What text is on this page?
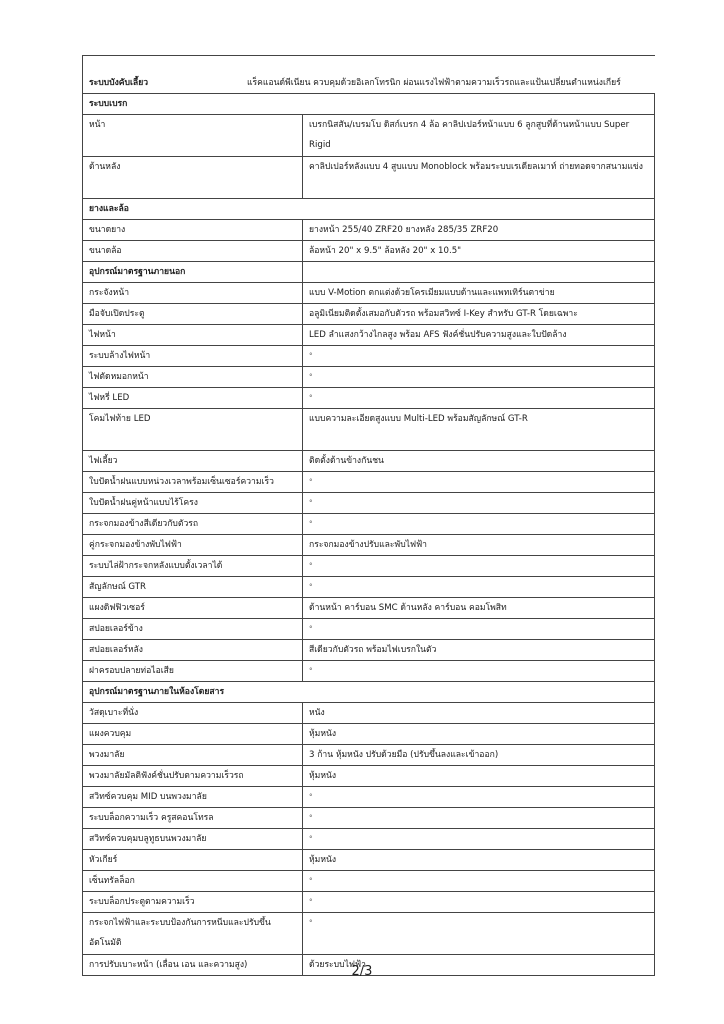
ระบบบังคับเลี้ยว แร็คแอนด์พีเนียน ควบคุมด้วยอิเลกโทรนิก ผ่อนแรงไฟฟ้าตามความเร็วรถและแป้นเปลี่ยนตำแหน่งเกียร์	
ระบบเบรก	
หน้า	เบรกนิสสัน/เบรมโบ ดิสก์เบรก 4 ล้อ คาลิปเปอร์หน้าแบบ 6 ลูกสูบที่ด้านหน้าแบบ Super Rigid
ด้านหลัง	คาลิปเปอร์หลังแบบ 4 สูบแบบ Monoblock พร้อมระบบเรเดียลเมาท์ ถ่ายทอดจากสนามแข่ง
ยางและล้อ	
ขนาดยาง	ยางหน้า 255/40 ZRF20 ยางหลัง 285/35 ZRF20
ขนาดล้อ	ล้อหน้า 20" x 9.5" ล้อหลัง 20" x 10.5"
อุปกรณ์มาตรฐานภายนอก	
กระจังหน้า	แบบ V-Motion ตกแต่งด้วยโครเมียมแบบด้านและแพทเทิร์นตาข่าย
มือจับเปิดประตู	อลูมิเนียมติดตั้งเสมอกับตัวรถ พร้อมสวิทซ์ I-Key สำหรับ GT-R โดยเฉพาะ
ไฟหน้า	LED ลำแสงกว้างไกลสูง พร้อม AFS ฟังค์ชั่นปรับความสูงและใบปัดล้าง
ระบบล้างไฟหน้า	°
ไฟตัดหมอกหน้า	°
ไฟหรี่ LED	°
โคมไฟท้าย LED	แบบความละเอียดสูงแบบ Multi-LED พร้อมสัญลักษณ์ GT-R
ไฟเลี้ยว	ติดตั้งด้านข้างกันชน
ใบปัดน้ำฝนแบบหน่วงเวลาพร้อมเซ็นเซอร์ความเร็ว	°
ใบปัดน้ำฝนคู่หน้าแบบไร้โครง	°
กระจกมองข้างสีเดียวกับตัวรถ	°
คู่กระจกมองข้างพับไฟฟ้า	กระจกมองข้างปรับและพับไฟฟ้า
ระบบไล่ฝ้ากระจกหลังแบบตั้งเวลาได้	°
สัญลักษณ์ GTR	°
แผงดิฟฟิวเซอร์	ด้านหน้า คาร์บอน SMC ด้านหลัง คาร์บอน คอมโพสิท
สปอยเลอร์ข้าง	°
สปอยเลอร์หลัง	สีเดียวกับตัวรถ พร้อมไฟเบรกในตัว
ฝาครอบปลายท่อไอเสีย	°
อุปกรณ์มาตรฐานภายในห้องโดยสาร	
วัสดุเบาะที่นั่ง	หนัง
แผงควบคุม	หุ้มหนัง
พวงมาลัย	3 ก้าน หุ้มหนัง ปรับด้วยมือ (ปรับขึ้นลงและเข้าออก)
พวงมาลัยมัลติฟังค์ชั่นปรับตามความเร็วรถ	หุ้มหนัง
สวิทซ์ควบคุม MID บนพวงมาลัย	°
ระบบล็อกความเร็ว ครูสคอนโทรล	°
สวิทซ์ควบคุมบลูทูธบนพวงมาลัย	°
หัวเกียร์	หุ้มหนัง
เซ็นทรัลล็อก	°
ระบบล็อกประตูตามความเร็ว	°
กระจกไฟฟ้าและระบบป้องกันการหนีบและปรับขึ้นอัตโนมัติ	°
การปรับเบาะหน้า (เลื่อน เอน และความสูง)	ด้วยระบบไฟฟ้า
2/3
